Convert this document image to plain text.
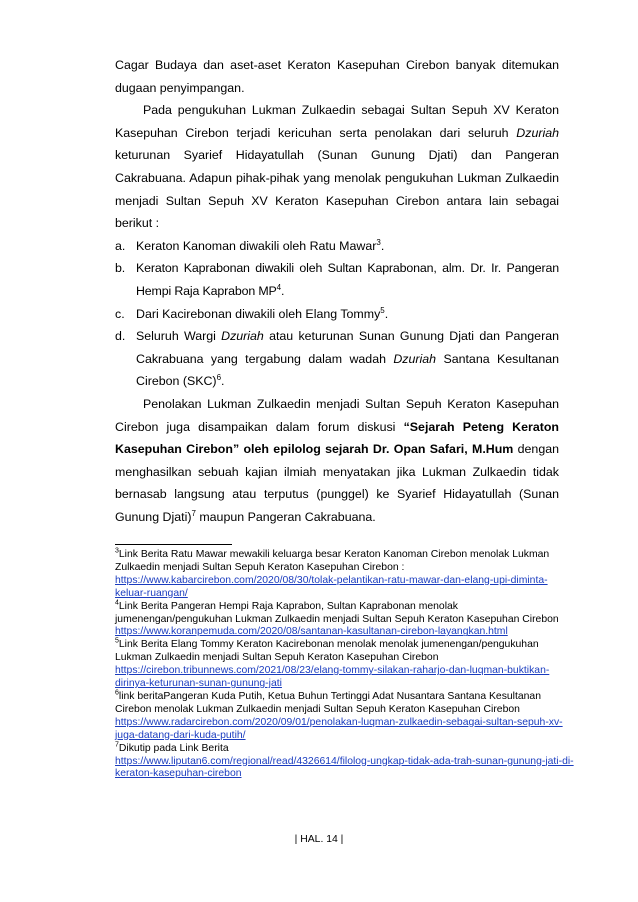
Cagar Budaya dan aset-aset Keraton Kasepuhan Cirebon banyak ditemukan dugaan penyimpangan.

Pada pengukuhan Lukman Zulkaedin sebagai Sultan Sepuh XV Keraton Kasepuhan Cirebon terjadi kericuhan serta penolakan dari seluruh Dzuriah keturunan Syarief Hidayatullah (Sunan Gunung Djati) dan Pangeran Cakrabuana. Adapun pihak-pihak yang menolak pengukuhan Lukman Zulkaedin menjadi Sultan Sepuh XV Keraton Kasepuhan Cirebon antara lain sebagai berikut :

a. Keraton Kanoman diwakili oleh Ratu Mawar$^3$.
b. Keraton Kaprabonan diwakili oleh Sultan Kaprabonan, alm. Dr. Ir. Pangeran Hempi Raja Kaprabon $MP^4$.
c. Dari Kacirebonan diwakili oleh Elang Tommy$^5$.
d. Seluruh Wargi Dzuriah atau keturunan Sunan Gunung Djati dan Pangeran Cakrabuana yang tergabung dalam wadah Dzuriah Santana Kesultanan Cirebon (SKC)$^6$.

Penolakan Lukman Zulkaedin menjadi Sultan Sepuh Keraton Kasepuhan Cirebon juga disampaikan dalam forum diskusi “Sejarah Peteng Keraton Kasepuhan Cirebon” oleh epilolog sejarah Dr. Opan Safari, M.Hum dengan menghasilkan sebuah kajian ilmiah menyatakan jika Lukman Zulkaedin tidak bernasab langsung atau terputus (punggel) ke Syarief Hidayatullah (Sunan Gunung Djati)$^7$ maupun Pangeran Cakrabuana.

$^3$Link Berita Ratu Mawar mewakili keluarga besar Keraton Kanoman Cirebon menolak Lukman Zulkaedin menjadi Sultan Sepuh Keraton Kasepuhan Cirebon :
https://www.kabarcirebon.com/2020/08/30/tolak-pelantikan-ratu-mawar-dan-elang-upi-diminta-keluar-ruangan/

$^4$Link Berita Pangeran Hempi Raja Kaprabon, Sultan Kaprabonan menolak jumenengan/pengukuhan Lukman Zulkaedin menjadi Sultan Sepuh Keraton Kasepuhan Cirebon
https://www.koranpemuda.com/2020/08/santanan-kasultanan-cirebon-layangkan.html

$^5$Link Berita Elang Tommy Keraton Kacirebonan menolak menolak jumenengan/pengukuhan Lukman Zulkaedin menjadi Sultan Sepuh Keraton Kasepuhan Cirebon
https://cirebon.tribunnews.com/2021/08/23/elang-tommy-silakan-raharjo-dan-luqman-buktikan-dirinya-keturunan-sunan-gunung-jati

$^6$link beritaPangeran Kuda Putih, Ketua Buhun Tertinggi Adat Nusantara Santana Kesultanan Cirebon menolak Lukman Zulkaedin menjadi Sultan Sepuh Keraton Kasepuhan Cirebon
https://www.radarcirebon.com/2020/09/01/penolakan-luqman-zulkaedin-sebagai-sultan-sepuh-xv-juga-datang-dari-kuda-putih/

$^7$Dikutip pada Link Berita
https://www.liputan6.com/regional/read/4326614/filolog-ungkap-tidak-ada-trah-sunan-gunung-jati-di-keraton-kasepuhan-cirebon

| HAL. 14 |
